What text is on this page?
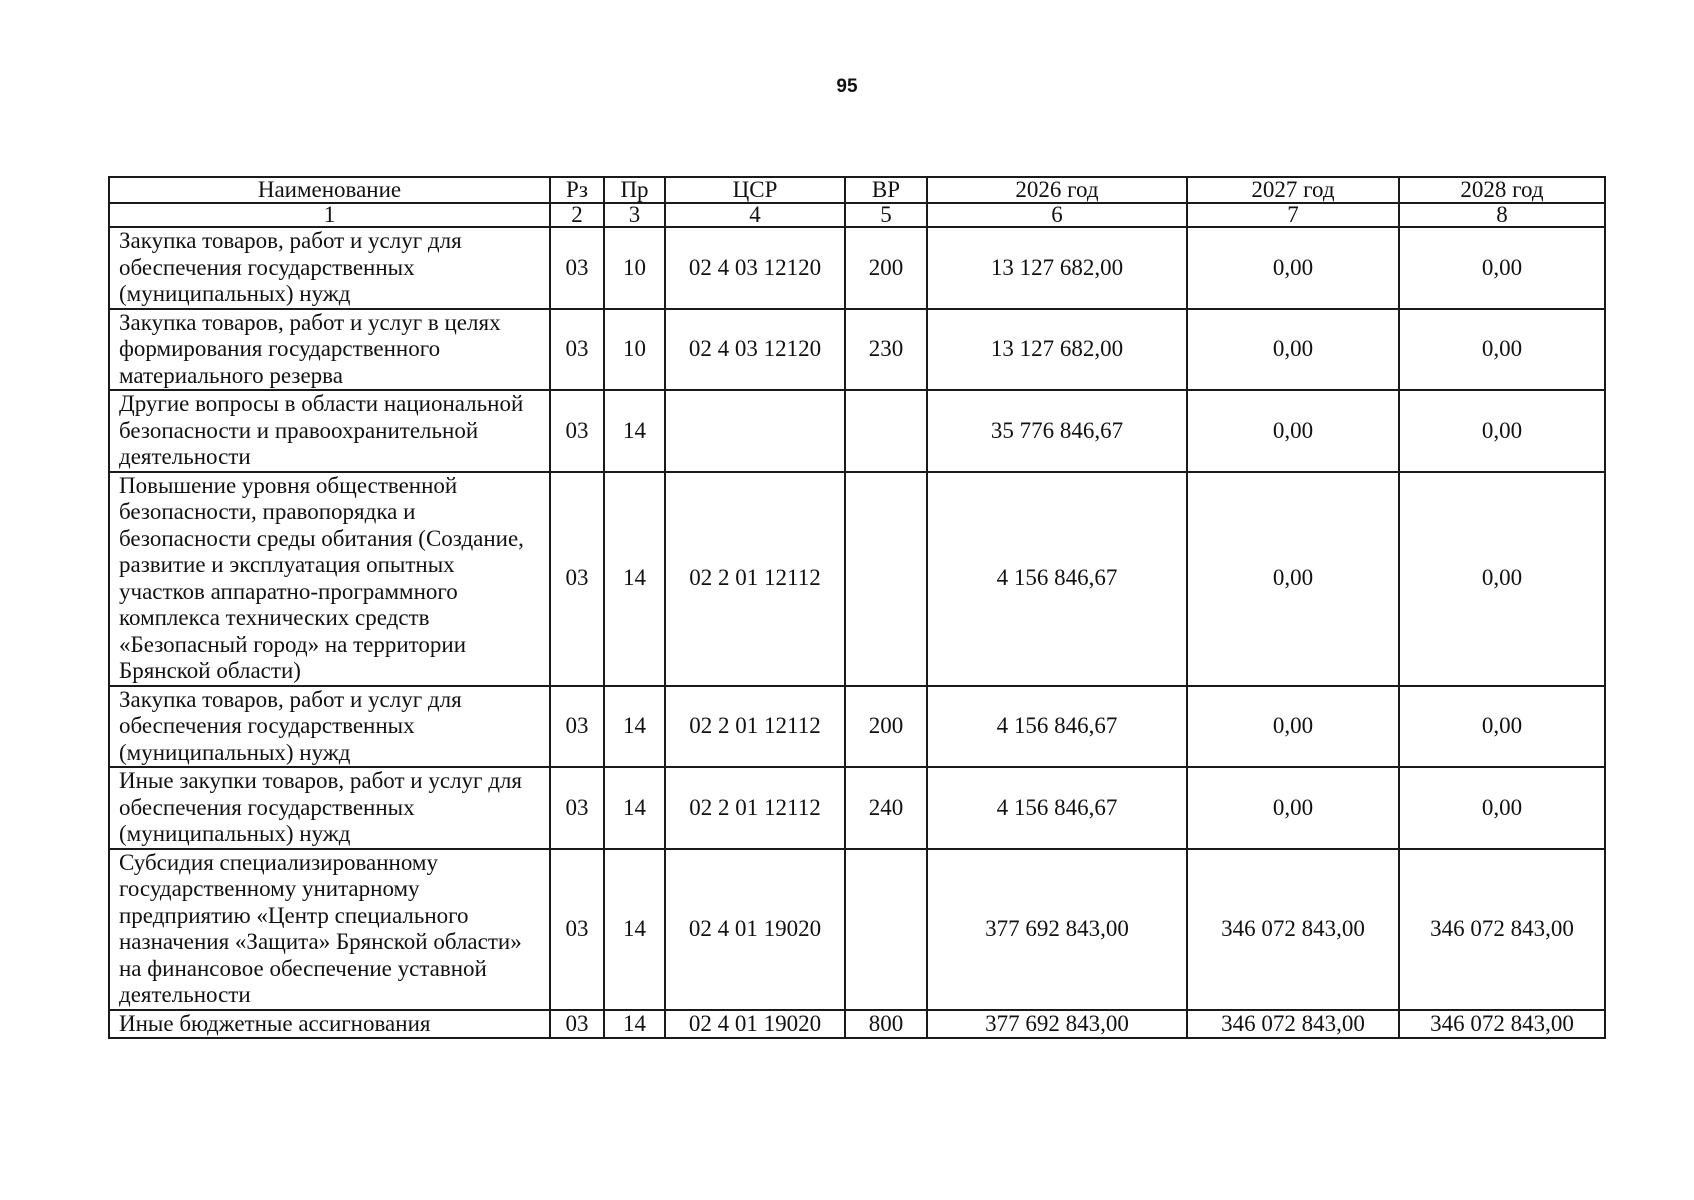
95
Наименование	Рз	Пр	ЦСР	ВР	2026 год	2027 год	2028 год
1	2	3	4	5	6	7	8
Закупка товаров, работ и услуг для обеспечения государственных (муниципальных) нужд	03	10	02 4 03 12120	200	13 127 682,00	0,00	0,00
Закупка товаров, работ и услуг в целях формирования государственного материального резерва	03	10	02 4 03 12120	230	13 127 682,00	0,00	0,00
Другие вопросы в области национальной безопасности и правоохранительной деятельности	03	14			35 776 846,67	0,00	0,00
Повышение уровня общественной безопасности, правопорядка и безопасности среды обитания (Создание, развитие и эксплуатация опытных участков аппаратно-программного комплекса технических средств «Безопасный город» на территории Брянской области)	03	14	02 2 01 12112		4 156 846,67	0,00	0,00
Закупка товаров, работ и услуг для обеспечения государственных (муниципальных) нужд	03	14	02 2 01 12112	200	4 156 846,67	0,00	0,00
Иные закупки товаров, работ и услуг для обеспечения государственных (муниципальных) нужд	03	14	02 2 01 12112	240	4 156 846,67	0,00	0,00
Субсидия специализированному государственному унитарному предприятию «Центр специального назначения «Защита» Брянской области» на финансовое обеспечение уставной деятельности	03	14	02 4 01 19020		377 692 843,00	346 072 843,00	346 072 843,00
Иные бюджетные ассигнования	03	14	02 4 01 19020	800	377 692 843,00	346 072 843,00	346 072 843,00
